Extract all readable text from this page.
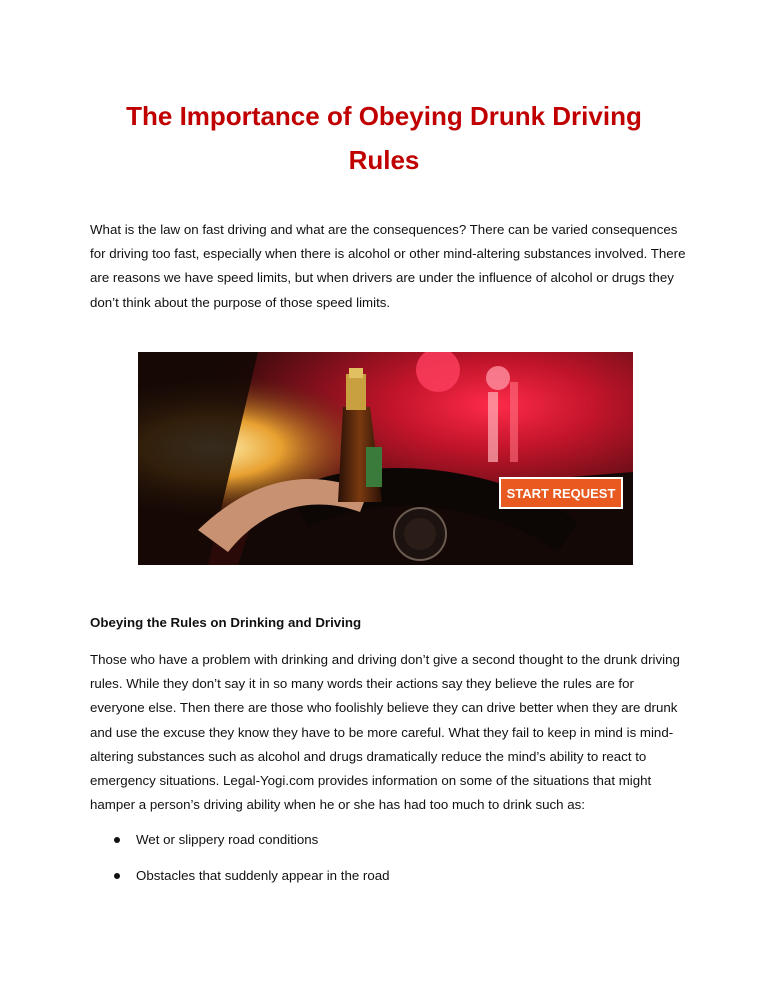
The Importance of Obeying Drunk Driving Rules

What is the law on fast driving and what are the consequences? There can be varied consequences for driving too fast, especially when there is alcohol or other mind-altering substances involved. There are reasons we have speed limits, but when drivers are under the influence of alcohol or drugs they don’t think about the purpose of those speed limits.

START REQUEST
Obeying the Rules on Drinking and Driving

Those who have a problem with drinking and driving don’t give a second thought to the drunk driving rules. While they don’t say it in so many words their actions say they believe the rules are for everyone else. Then there are those who foolishly believe they can drive better when they are drunk and use the excuse they know they have to be more careful. What they fail to keep in mind is mind-altering substances such as alcohol and drugs dramatically reduce the mind’s ability to react to emergency situations. Legal-Yogi.com provides information on some of the situations that might hamper a person’s driving ability when he or she has had too much to drink such as:

Wet or slippery road conditions
Obstacles that suddenly appear in the road
